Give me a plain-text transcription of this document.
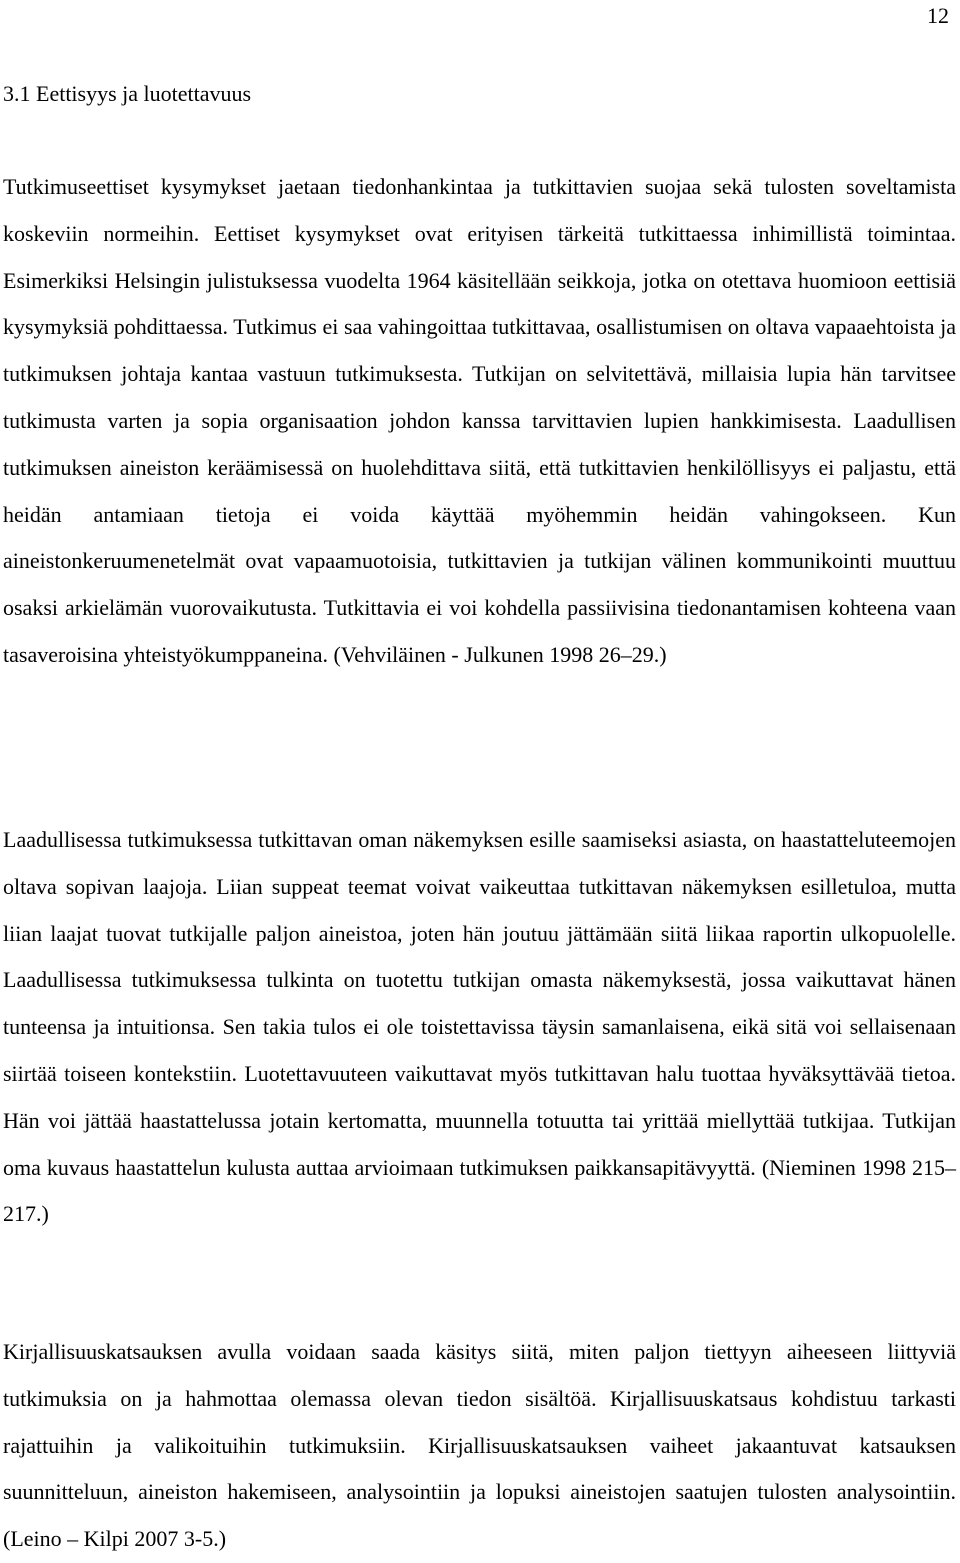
12
3.1 Eettisyys ja luotettavuus

Tutkimuseettiset kysymykset jaetaan tiedonhankintaa ja tutkittavien suojaa sekä tulosten soveltamista koskeviin normeihin. Eettiset kysymykset ovat erityisen tärkeitä tutkittaessa inhimillistä toimintaa. Esimerkiksi Helsingin julistuksessa vuodelta 1964 käsitellään seikkoja, jotka on otettava huomioon eettisiä kysymyksiä pohdittaessa. Tutkimus ei saa vahingoittaa tutkittavaa, osallistumisen on oltava vapaaehtoista ja tutkimuksen johtaja kantaa vastuun tutkimuksesta. Tutkijan on selvitettävä, millaisia lupia hän tarvitsee tutkimusta varten ja sopia organisaation johdon kanssa tarvittavien lupien hankkimisesta. Laadullisen tutkimuksen aineiston keräämisessä on huolehdittava siitä, että tutkittavien henkilöllisyys ei paljastu, että heidän antamiaan tietoja ei voida käyttää myöhemmin heidän vahingokseen. Kun aineistonkeruumenetelmät ovat vapaamuotoisia, tutkittavien ja tutkijan välinen kommunikointi muuttuu osaksi arkielämän vuorovaikutusta. Tutkittavia ei voi kohdella passiivisina tiedonantamisen kohteena vaan tasaveroisina yhteistyökumppaneina. (Vehviläinen - Julkunen 1998 26–29.)

Laadullisessa tutkimuksessa tutkittavan oman näkemyksen esille saamiseksi asiasta, on haastatteluteemojen oltava sopivan laajoja. Liian suppeat teemat voivat vaikeuttaa tutkittavan näkemyksen esilletuloa, mutta liian laajat tuovat tutkijalle paljon aineistoa, joten hän joutuu jättämään siitä liikaa raportin ulkopuolelle. Laadullisessa tutkimuksessa tulkinta on tuotettu tutkijan omasta näkemyksestä, jossa vaikuttavat hänen tunteensa ja intuitionsa. Sen takia tulos ei ole toistettavissa täysin samanlaisena, eikä sitä voi sellaisenaan siirtää toiseen kontekstiin. Luotettavuuteen vaikuttavat myös tutkittavan halu tuottaa hyväksyttävää tietoa. Hän voi jättää haastattelussa jotain kertomatta, muunnella totuutta tai yrittää miellyttää tutkijaa. Tutkijan oma kuvaus haastattelun kulusta auttaa arvioimaan tutkimuksen paikkansapitävyyttä. (Nieminen 1998 215–217.)

Kirjallisuuskatsauksen avulla voidaan saada käsitys siitä, miten paljon tiettyyn aiheeseen liittyviä tutkimuksia on ja hahmottaa olemassa olevan tiedon sisältöä. Kirjallisuuskatsaus kohdistuu tarkasti rajattuihin ja valikoituihin tutkimuksiin. Kirjallisuuskatsauksen vaiheet jakaantuvat katsauksen suunnitteluun, aineiston hakemiseen, analysointiin ja lopuksi aineistojen saatujen tulosten analysointiin. (Leino – Kilpi 2007 3-5.)
